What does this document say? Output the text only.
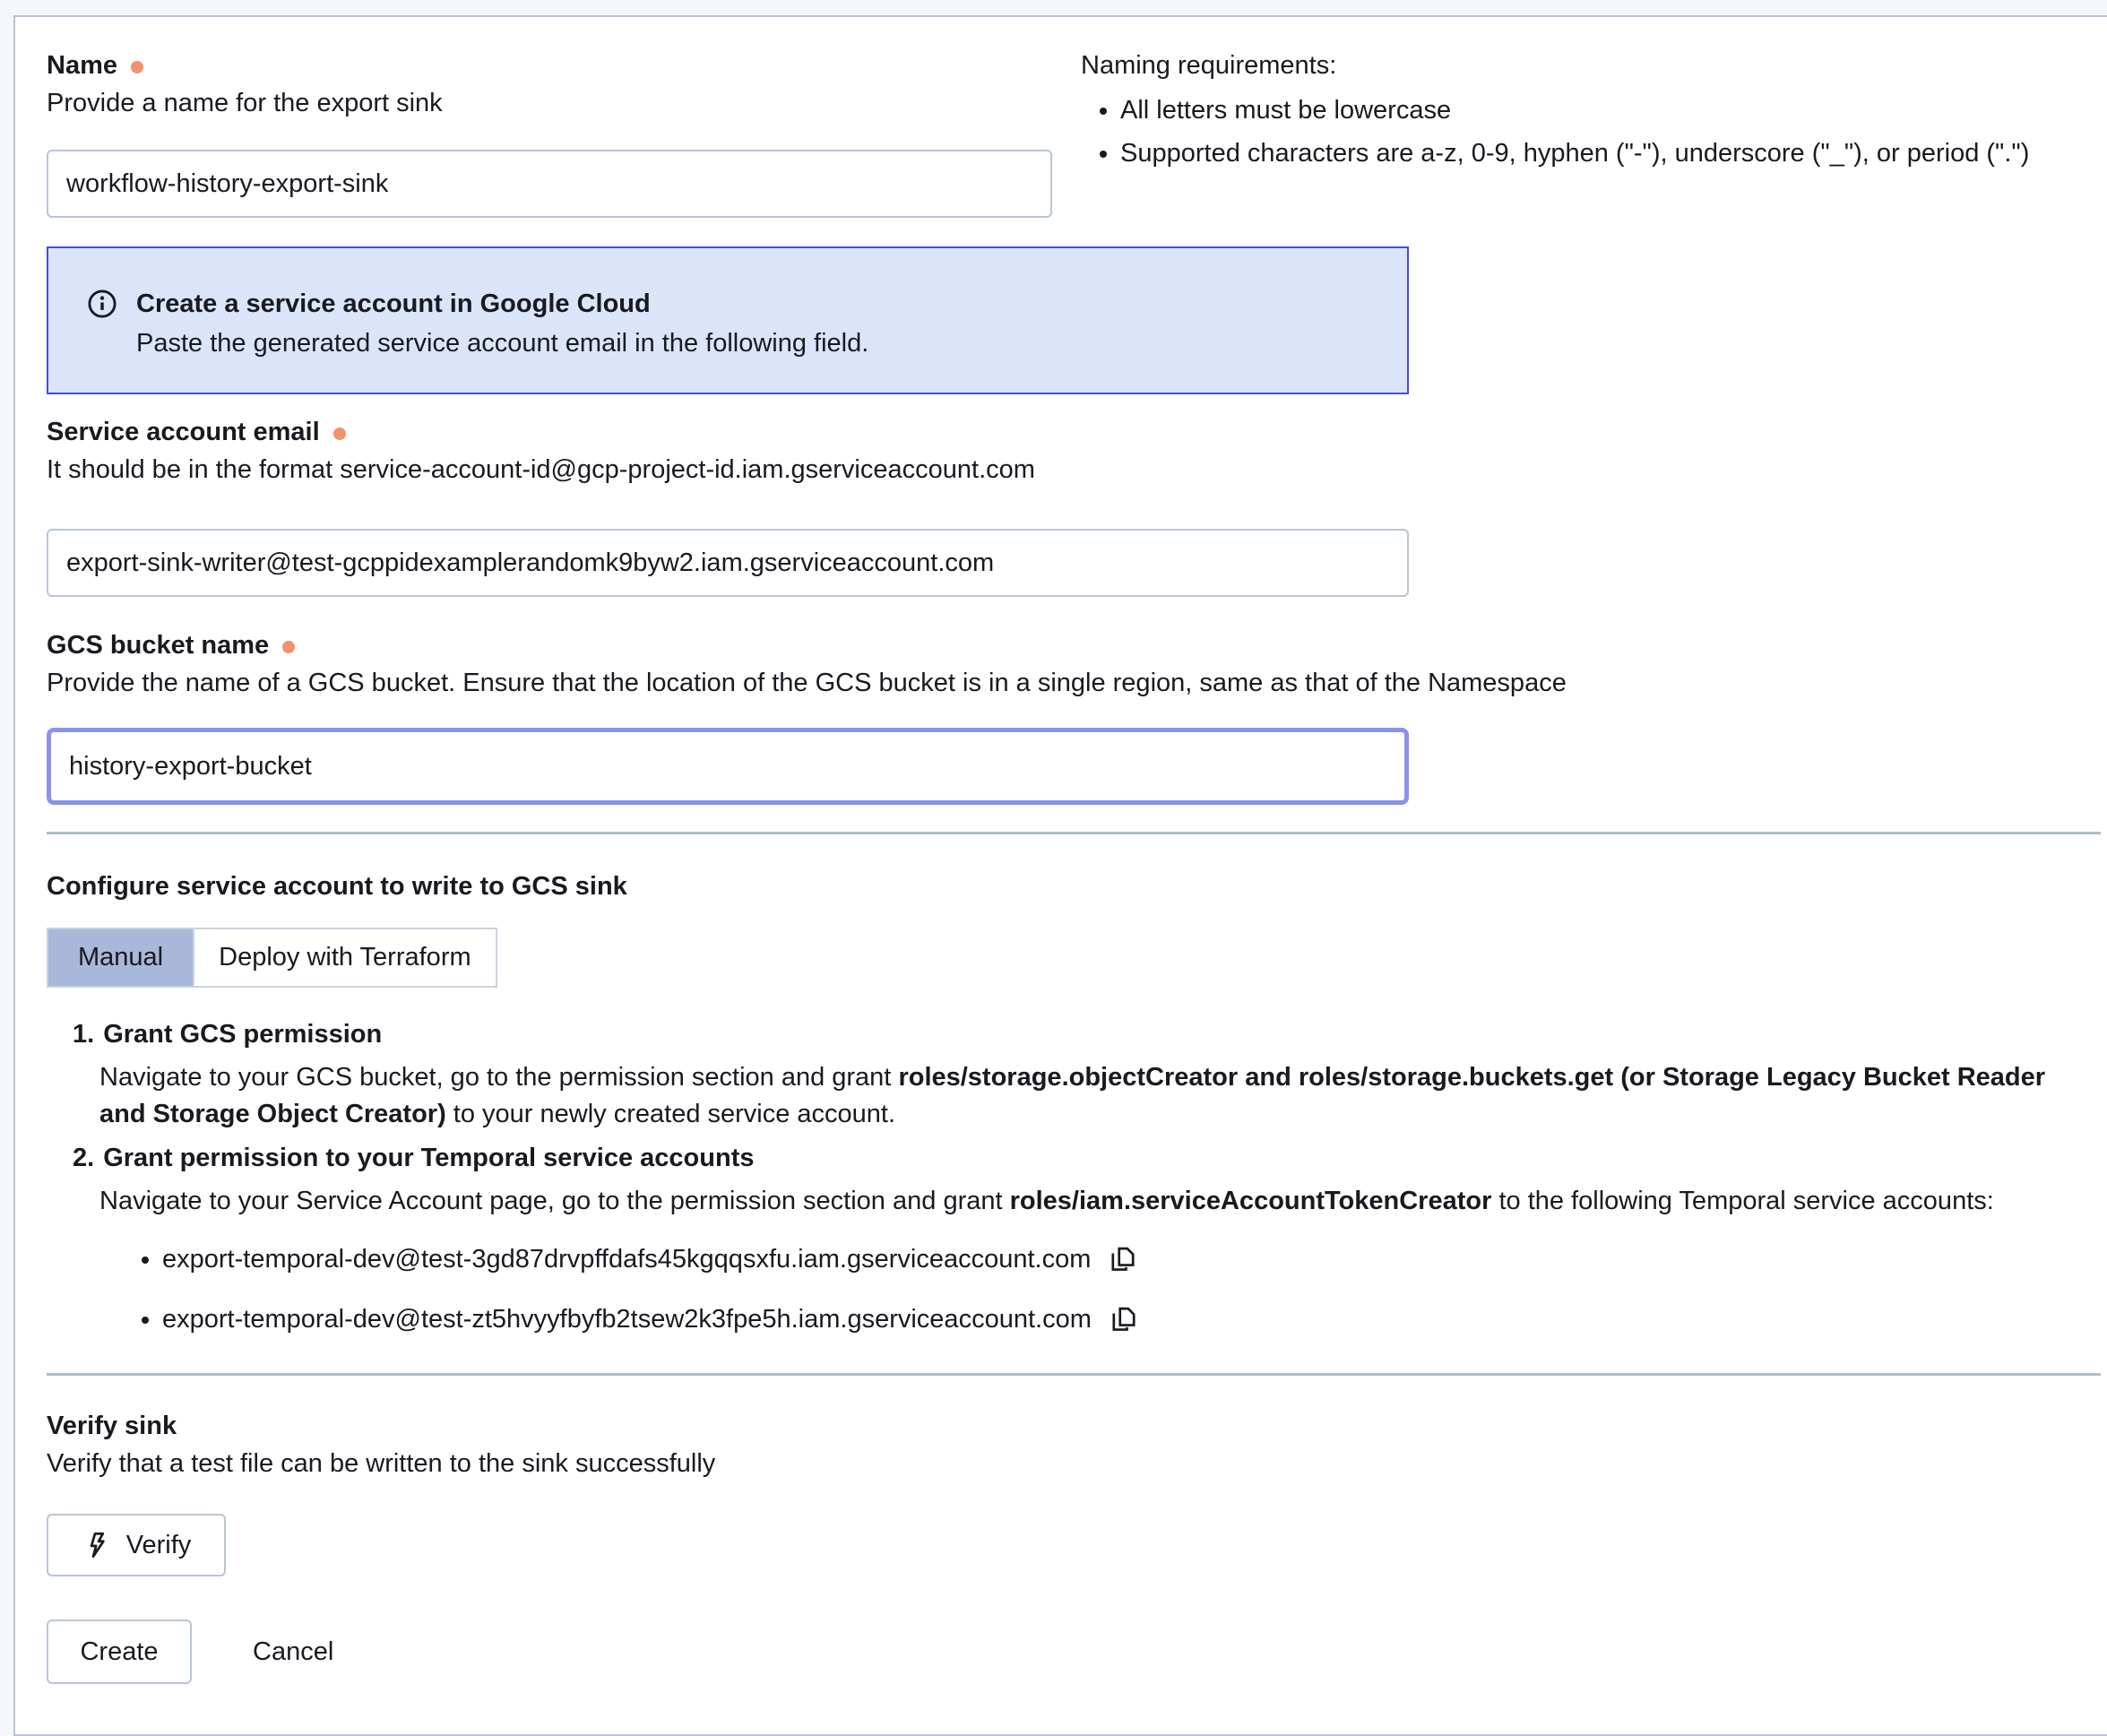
Name
Provide a name for the export sink
workflow-history-export-sink
Naming requirements:
• All letters must be lowercase
• Supported characters are a-z, 0-9, hyphen ("-"), underscore ("_"), or period (".")
Create a service account in Google Cloud
Paste the generated service account email in the following field.
Service account email
It should be in the format service-account-id@gcp-project-id.iam.gserviceaccount.com
export-sink-writer@test-gcppidexamplerandomk9byw2.iam.gserviceaccount.com
GCS bucket name
Provide the name of a GCS bucket. Ensure that the location of the GCS bucket is in a single region, same as that of the Namespace
history-export-bucket
Configure service account to write to GCS sink
Manual	Deploy with Terraform
1. Grant GCS permission
Navigate to your GCS bucket, go to the permission section and grant roles/storage.objectCreator and roles/storage.buckets.get (or Storage Legacy Bucket Reader and Storage Object Creator) to your newly created service account.
2. Grant permission to your Temporal service accounts
Navigate to your Service Account page, go to the permission section and grant roles/iam.serviceAccountTokenCreator to the following Temporal service accounts:
• export-temporal-dev@test-3gd87drvpffdafs45kgqqsxfu.iam.gserviceaccount.com
• export-temporal-dev@test-zt5hvyyfbyfb2tsew2k3fpe5h.iam.gserviceaccount.com
Verify sink
Verify that a test file can be written to the sink successfully
Verify
Create	Cancel
